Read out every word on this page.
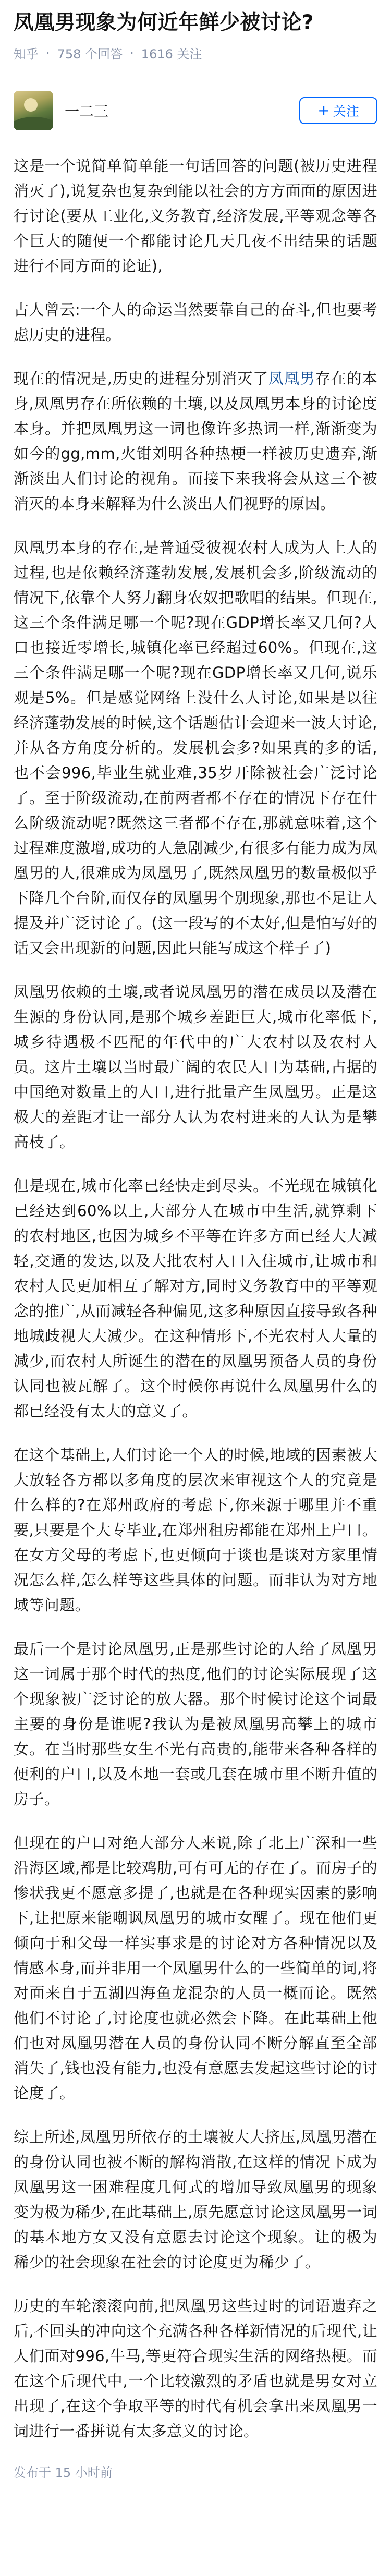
凤凰男现象为何近年鲜少被讨论?
知乎 · 758 个回答 · 1616 关注
一二三	+ 关注

这是一个说简单简单能一句话回答的问题(被历史进程消灭了),说复杂也复杂到能以社会的方方面面的原因进行讨论(要从工业化,义务教育,经济发展,平等观念等各个巨大的随便一个都能讨论几天几夜不出结果的话题进行不同方面的论证),

古人曾云:一个人的命运当然要靠自己的奋斗,但也要考虑历史的进程。

现在的情况是,历史的进程分别消灭了凤凰男存在的本身,凤凰男存在所依赖的土壤,以及凤凰男本身的讨论度本身。并把凤凰男这一词也像许多热词一样,渐渐变为如今的gg,mm,火钳刘明各种热梗一样被历史遗弃,渐渐淡出人们讨论的视角。而接下来我将会从这三个被消灭的本身来解释为什么淡出人们视野的原因。

凤凰男本身的存在,是普通受彼视农村人成为人上人的过程,也是依赖经济蓬勃发展,发展机会多,阶级流动的情况下,依靠个人努力翻身农奴把歌唱的结果。但现在,这三个条件满足哪一个呢?现在GDP增长率又几何?人口也接近零增长,城镇化率已经超过60%。但现在,这三个条件满足哪一个呢?现在GDP增长率又几何,说乐观是5%。但是感觉网络上没什么人讨论,如果是以往经济蓬勃发展的时候,这个话题估计会迎来一波大讨论,并从各方角度分析的。发展机会多?如果真的多的话,也不会996,毕业生就业难,35岁开除被社会广泛讨论了。至于阶级流动,在前两者都不存在的情况下存在什么阶级流动呢?既然这三者都不存在,那就意味着,这个过程难度激增,成功的人急剧减少,有很多有能力成为凤凰男的人,很难成为凤凰男了,既然凤凰男的数量极似乎下降几个台阶,而仅存的凤凰男个别现象,那也不足让人提及并广泛讨论了。(这一段写的不太好,但是怕写好的话又会出现新的问题,因此只能写成这个样子了)

凤凰男依赖的土壤,或者说凤凰男的潜在成员以及潜在生源的身份认同,是那个城乡差距巨大,城市化率低下,城乡待遇极不匹配的年代中的广大农村以及农村人员。这片土壤以当时最广阔的农民人口为基础,占据的中国绝对数量上的人口,进行批量产生凤凰男。正是这极大的差距才让一部分人认为农村进来的人认为是攀高枝了。

但是现在,城市化率已经快走到尽头。不光现在城镇化已经达到60%以上,大部分人在城市中生活,就算剩下的农村地区,也因为城乡不平等在许多方面已经大大减轻,交通的发达,以及大批农村人口入住城市,让城市和农村人民更加相互了解对方,同时义务教育中的平等观念的推广,从而减轻各种偏见,这多种原因直接导致各种地城歧视大大减少。在这种情形下,不光农村人大量的减少,而农村人所诞生的潜在的凤凰男预备人员的身份认同也被瓦解了。这个时候你再说什么凤凰男什么的都已经没有太大的意义了。

在这个基础上,人们讨论一个人的时候,地域的因素被大大放轻各方都以多角度的层次来审视这个人的究竟是什么样的?在郑州政府的考虑下,你来源于哪里并不重要,只要是个大专毕业,在郑州租房都能在郑州上户口。在女方父母的考虑下,也更倾向于谈也是谈对方家里情况怎么样,怎么样等这些具体的问题。而非认为对方地域等问题。

最后一个是讨论凤凰男,正是那些讨论的人给了凤凰男这一词属于那个时代的热度,他们的讨论实际展现了这个现象被广泛讨论的放大器。那个时候讨论这个词最主要的身份是谁呢?我认为是被凤凰男高攀上的城市女。在当时那些女生不光有高贵的,能带来各种各样的便利的户口,以及本地一套或几套在城市里不断升值的房子。

但现在的户口对绝大部分人来说,除了北上广深和一些沿海区域,都是比较鸡肋,可有可无的存在了。而房子的惨状我更不愿意多提了,也就是在各种现实因素的影响下,让把原来能嘲讽凤凰男的城市女醒了。现在他们更倾向于和父母一样实事求是的讨论对方各种情况以及情感本身,而并非用一个凤凰男什么的一些简单的词,将对面来自于五湖四海鱼龙混杂的人员一概而论。既然他们不讨论了,讨论度也就必然会下降。在此基础上他们也对凤凰男潜在人员的身份认同不断分解直至全部消失了,钱也没有能力,也没有意愿去发起这些讨论的讨论度了。

综上所述,凤凰男所依存的土壤被大大挤压,凤凰男潜在的身份认同也被不断的解构消散,在这样的情况下成为凤凰男这一困难程度几何式的增加导致凤凰男的现象变为极为稀少,在此基础上,原先愿意讨论这凤凰男一词的基本地方女又没有意愿去讨论这个现象。让的极为稀少的社会现象在社会的讨论度更为稀少了。

历史的车轮滚滚向前,把凤凰男这些过时的词语遗弃之后,不回头的冲向这个充满各种各样新情况的后现代,让人们面对996,牛马,等更符合现实生活的网络热梗。而在这个后现代中,一个比较激烈的矛盾也就是男女对立出现了,在这个争取平等的时代有机会拿出来凤凰男一词进行一番拼说有太多意义的讨论。

发布于 15 小时前
